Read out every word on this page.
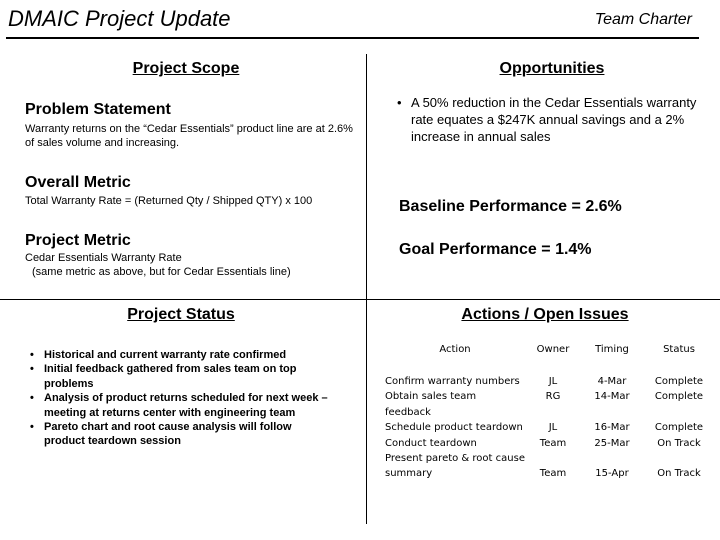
DMAIC Project Update	Team Charter
Project Scope
Problem Statement
Warranty returns on the “Cedar Essentials” product line are at 2.6% of sales volume and increasing.
Overall Metric
Total Warranty Rate = (Returned Qty / Shipped QTY) x 100
Project Metric
Cedar Essentials Warranty Rate
(same metric as above, but for Cedar Essentials line)
Opportunities
• A 50% reduction in the Cedar Essentials warranty rate equates a $247K annual savings and a 2% increase in annual sales
Baseline Performance = 2.6%
Goal Performance = 1.4%
Project Status
• Historical and current warranty rate confirmed
• Initial feedback gathered from sales team on top problems
• Analysis of product returns scheduled for next week – meeting at returns center with engineering team
• Pareto chart and root cause analysis will follow product teardown session
Actions / Open Issues
Action	Owner	Timing	Status
Confirm warranty numbers	JL	4-Mar	Complete
Obtain sales team feedback	RG	14-Mar	Complete
Schedule product teardown	JL	16-Mar	Complete
Conduct teardown	Team	25-Mar	On Track
Present pareto & root cause summary	Team	15-Apr	On Track
